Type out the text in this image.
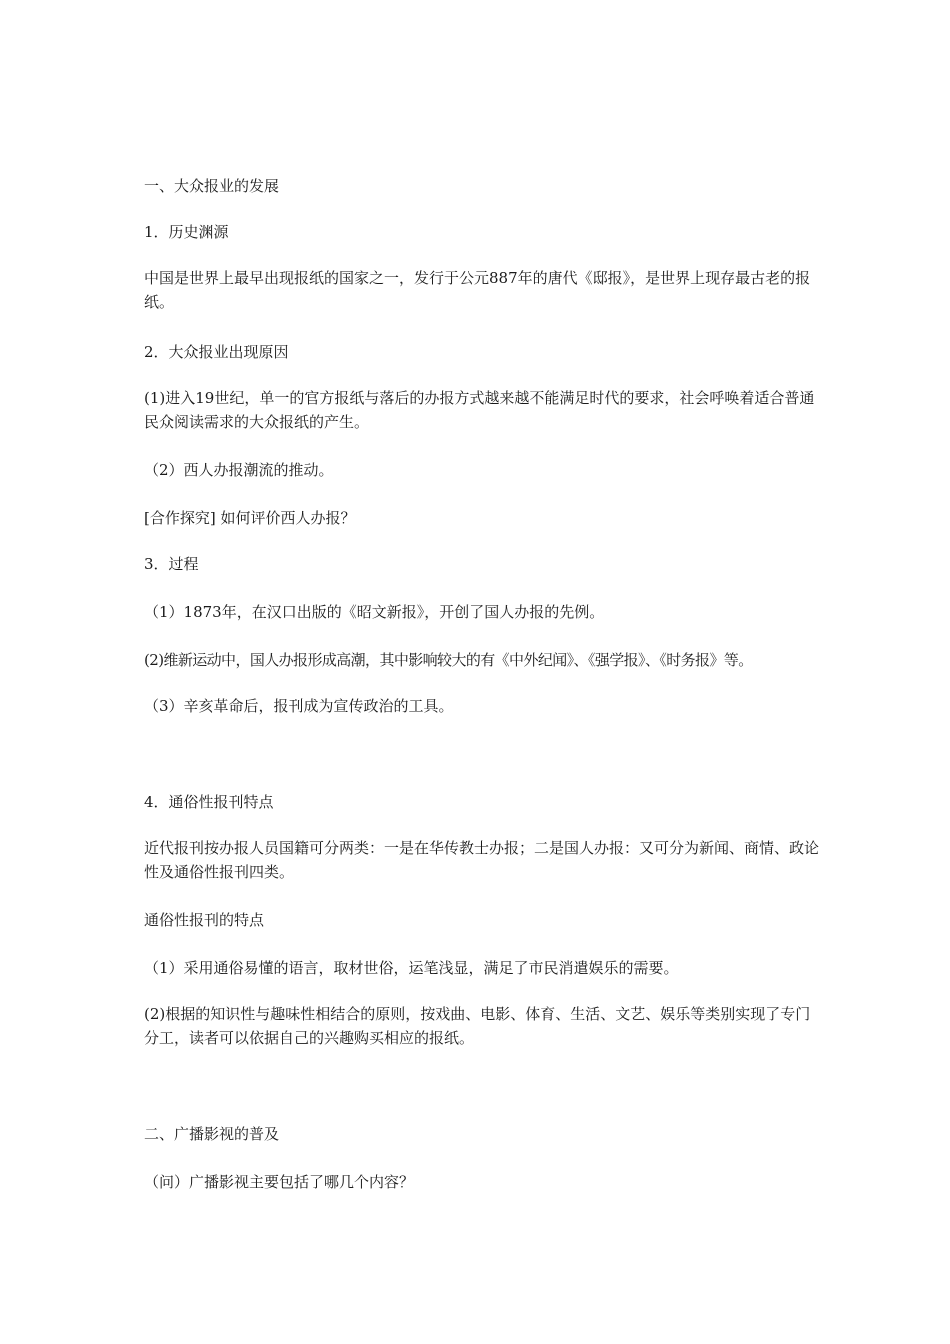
一、大众报业的发展
1．历史渊源
中国是世界上最早出现报纸的国家之一，发行于公元887年的唐代《邸报》，是世界上现存最古老的报纸。
2．大众报业出现原因
(1)进入19世纪，单一的官方报纸与落后的办报方式越来越不能满足时代的要求，社会呼唤着适合普通民众阅读需求的大众报纸的产生。
（2）西人办报潮流的推动。
[合作探究] 如何评价西人办报？
3．过程
（1）1873年，在汉口出版的《昭文新报》，开创了国人办报的先例。
(2)维新运动中，国人办报形成高潮，其中影响较大的有《中外纪闻》、《强学报》、《时务报》等。
（3）辛亥革命后，报刊成为宣传政治的工具。
4．通俗性报刊特点
近代报刊按办报人员国籍可分两类：一是在华传教士办报；二是国人办报：又可分为新闻、商情、政论性及通俗性报刊四类。
通俗性报刊的特点
（1）采用通俗易懂的语言，取材世俗，运笔浅显，满足了市民消遣娱乐的需要。
(2)根据的知识性与趣味性相结合的原则，按戏曲、电影、体育、生活、文艺、娱乐等类别实现了专门分工，读者可以依据自己的兴趣购买相应的报纸。
二、广播影视的普及
（问）广播影视主要包括了哪几个内容？
